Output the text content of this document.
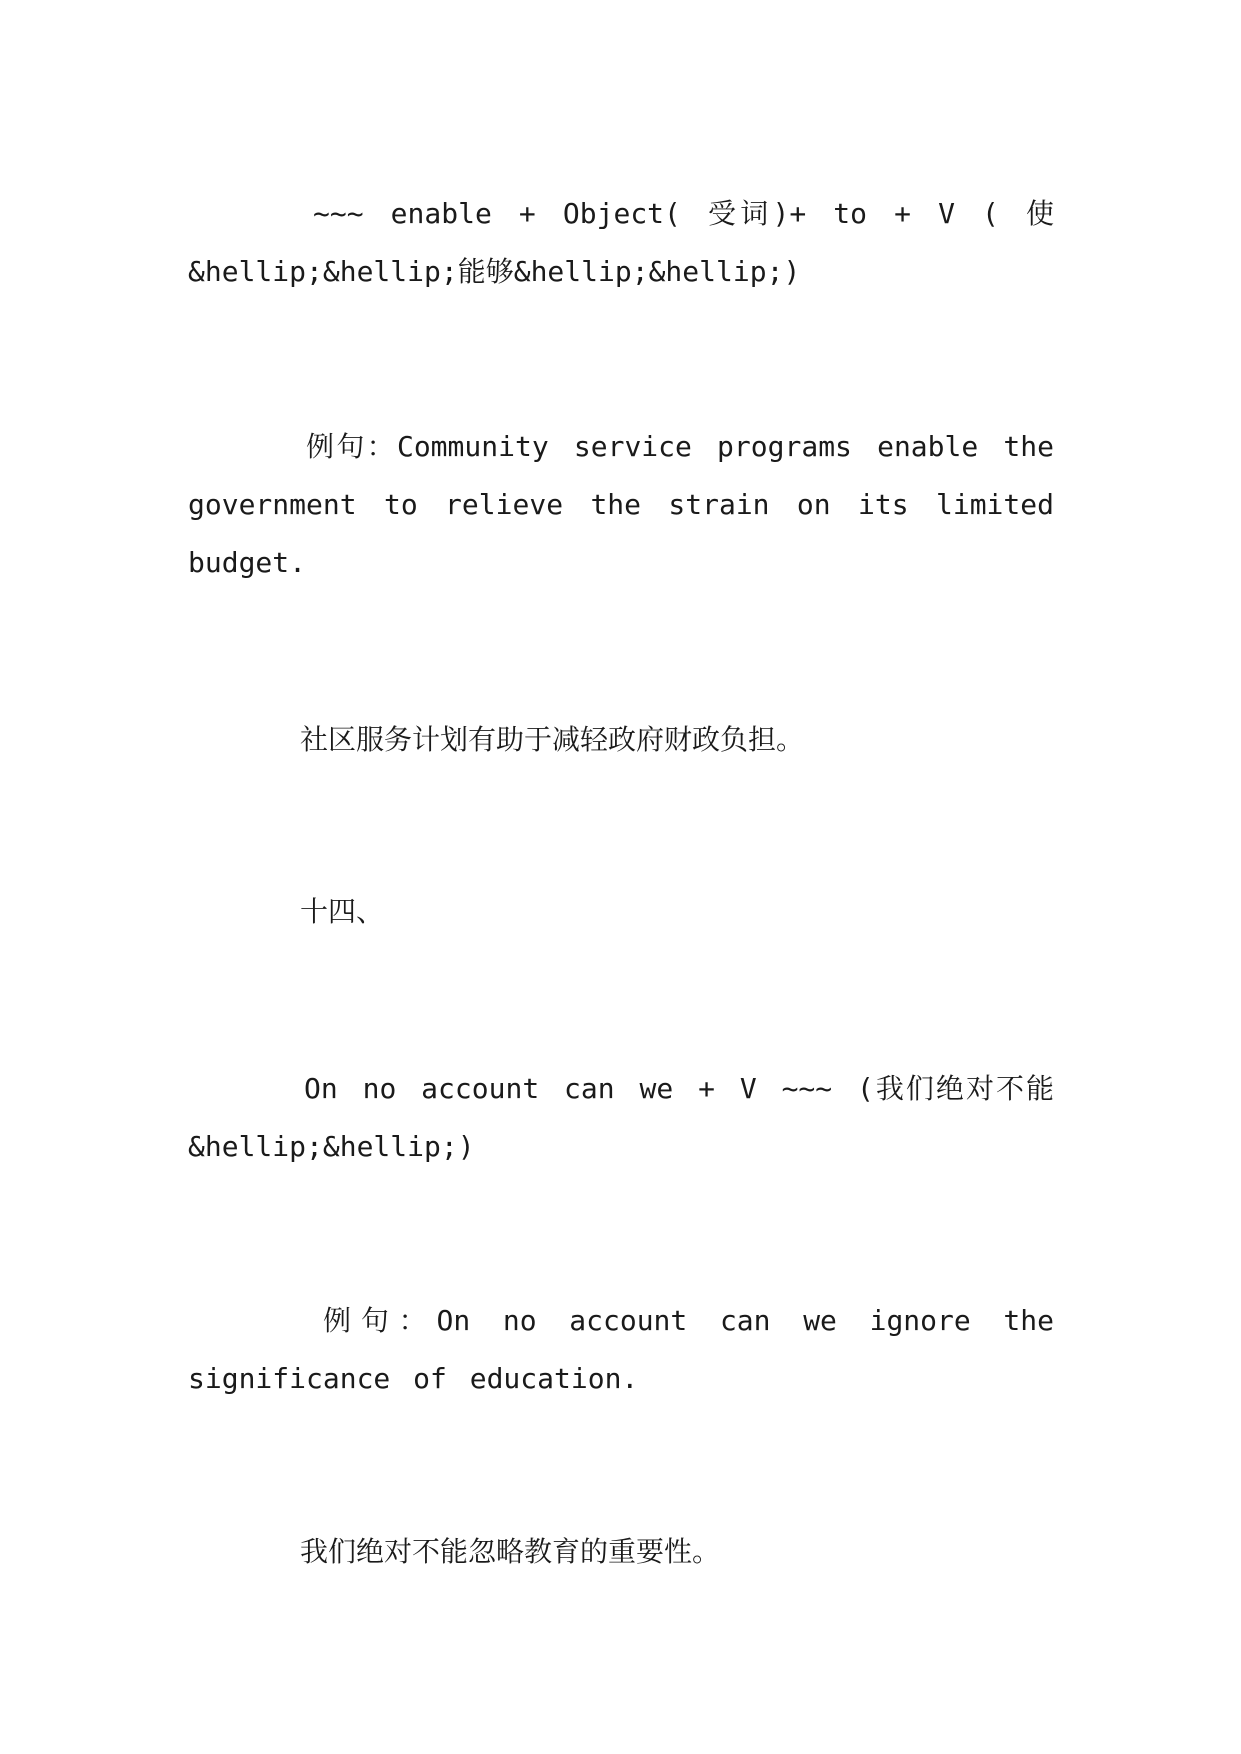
~~~ enable + Object( 受词)+ to + V ( 使&hellip;&hellip;能够&hellip;&hellip;)

例句：Community service programs enable the government to relieve the strain on its limited budget.

社区服务计划有助于减轻政府财政负担。

十四、

On no account can we + V ~~~ (我们绝对不能&hellip;&hellip;)

例句：On no account can we ignore the significance of education.

我们绝对不能忽略教育的重要性。
